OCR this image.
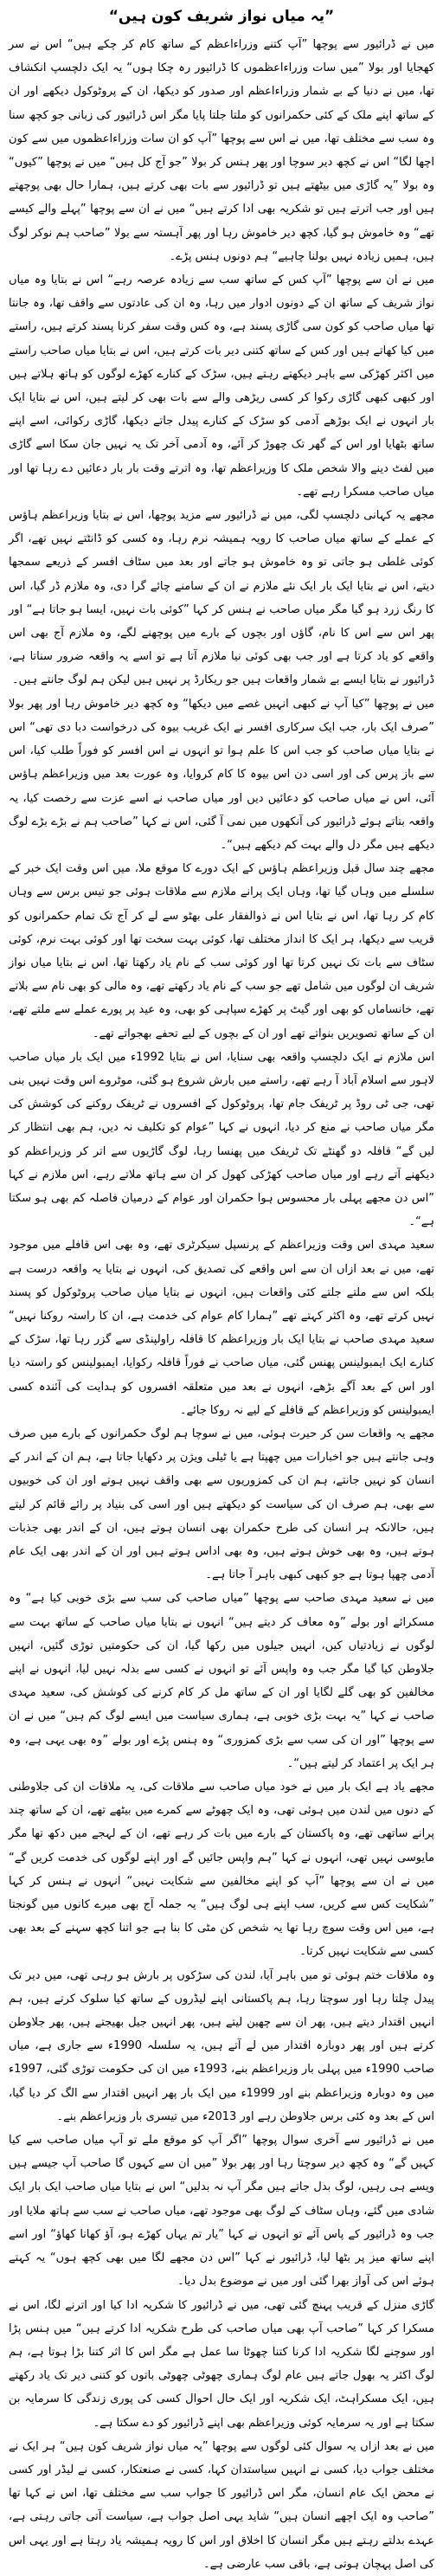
”یہ میاں نواز شریف کون ہیں“

میں نے ڈرائیور سے پوچھا ”آپ کتنے وزراءاعظم کے ساتھ کام کر چکے ہیں“ اس نے سر کھجایا اور بولا ”میں سات وزراءاعظموں کا ڈرائیور رہ چکا ہوں“ یہ ایک دلچسپ انکشاف تھا، میں نے دنیا کے بے شمار وزراءاعظم اور صدور کو دیکھا، ان کے پروٹوکول دیکھے اور ان کے ساتھ اپنے ملک کے کئی حکمرانوں کو ملتا جلتا پایا مگر اس ڈرائیور کی زبانی جو کچھ سنا وہ سب سے مختلف تھا، میں نے اس سے پوچھا ”آپ کو ان سات وزراءاعظموں میں سے کون اچھا لگا“ اس نے کچھ دیر سوچا اور پھر ہنس کر بولا ”جو آج کل ہیں“ میں نے پوچھا ”کیوں“ وہ بولا ”یہ گاڑی میں بیٹھتے ہیں تو ڈرائیور سے بات بھی کرتے ہیں، ہمارا حال بھی پوچھتے ہیں اور جب اترتے ہیں تو شکریہ بھی ادا کرتے ہیں“ میں نے ان سے پوچھا ”پہلے والے کیسے تھے“ وہ خاموش ہو گیا، کچھ دیر خاموش رہا اور پھر آہستہ سے بولا ”صاحب ہم نوکر لوگ ہیں، ہمیں زیادہ نہیں بولنا چاہیے“ ہم دونوں ہنس پڑے۔

میں نے ان سے پوچھا ”آپ کس کے ساتھ سب سے زیادہ عرصہ رہے“ اس نے بتایا وہ میاں نواز شریف کے ساتھ ان کے دونوں ادوار میں رہا، وہ ان کی عادتوں سے واقف تھا، وہ جانتا تھا میاں صاحب کو کون سی گاڑی پسند ہے، وہ کس وقت سفر کرنا پسند کرتے ہیں، راستے میں کیا کھاتے ہیں اور کس کے ساتھ کتنی دیر بات کرتے ہیں، اس نے بتایا میاں صاحب راستے میں اکثر کھڑکی سے باہر دیکھتے رہتے ہیں، سڑک کے کنارے کھڑے لوگوں کو ہاتھ ہلاتے ہیں اور کبھی کبھی گاڑی رکوا کر کسی ریڑھی والے سے بات بھی کر لیتے ہیں، اس نے بتایا ایک بار انہوں نے ایک بوڑھے آدمی کو سڑک کے کنارے پیدل جاتے دیکھا، گاڑی رکوائی، اسے اپنے ساتھ بٹھایا اور اس کے گھر تک چھوڑ کر آئے، وہ آدمی آخر تک یہ نہیں جان سکا اسے گاڑی میں لفٹ دینے والا شخص ملک کا وزیراعظم تھا، وہ اترتے وقت بار بار دعائیں دے رہا تھا اور میاں صاحب مسکرا رہے تھے۔

مجھے یہ کہانی دلچسپ لگی، میں نے ڈرائیور سے مزید پوچھا، اس نے بتایا وزیراعظم ہاؤس کے عملے کے ساتھ میاں صاحب کا رویہ ہمیشہ نرم رہا، وہ کسی کو ڈانٹتے نہیں تھے، اگر کوئی غلطی ہو جاتی تو وہ خاموش ہو جاتے اور بعد میں سٹاف افسر کے ذریعے سمجھا دیتے، اس نے بتایا ایک بار ایک نئے ملازم نے ان کے سامنے چائے گرا دی، وہ ملازم ڈر گیا، اس کا رنگ زرد ہو گیا مگر میاں صاحب نے ہنس کر کہا ”کوئی بات نہیں، ایسا ہو جاتا ہے“ اور پھر اس سے اس کا نام، گاؤں اور بچوں کے بارے میں پوچھنے لگے، وہ ملازم آج بھی اس واقعے کو یاد کرتا ہے اور جب بھی کوئی نیا ملازم آتا ہے تو اسے یہ واقعہ ضرور سناتا ہے، ڈرائیور نے بتایا ایسے بے شمار واقعات ہیں جو ریکارڈ پر نہیں ہیں لیکن ہم لوگ جانتے ہیں۔

میں نے پوچھا ”کیا آپ نے کبھی انہیں غصے میں دیکھا“ وہ کچھ دیر خاموش رہا اور پھر بولا ”صرف ایک بار، جب ایک سرکاری افسر نے ایک غریب بیوہ کی درخواست دبا دی تھی“ اس نے بتایا میاں صاحب کو جب اس کا علم ہوا تو انہوں نے اس افسر کو فوراً طلب کیا، اس سے باز پرس کی اور اسی دن اس بیوہ کا کام کروایا، وہ عورت بعد میں وزیراعظم ہاؤس آئی، اس نے میاں صاحب کو دعائیں دیں اور میاں صاحب نے اسے عزت سے رخصت کیا، یہ واقعہ بتاتے ہوئے ڈرائیور کی آنکھوں میں نمی آ گئی، اس نے کہا ”صاحب ہم نے بڑے بڑے لوگ دیکھے ہیں مگر دل والے بہت کم دیکھے ہیں“۔

مجھے چند سال قبل وزیراعظم ہاؤس کے ایک دورے کا موقع ملا، میں اس وقت ایک خبر کے سلسلے میں وہاں گیا تھا، وہاں ایک پرانے ملازم سے ملاقات ہوئی جو تیس برس سے وہاں کام کر رہا تھا، اس نے بتایا اس نے ذوالفقار علی بھٹو سے لے کر آج تک تمام حکمرانوں کو قریب سے دیکھا، ہر ایک کا انداز مختلف تھا، کوئی بہت سخت تھا اور کوئی بہت نرم، کوئی سٹاف سے بات تک نہیں کرتا تھا اور کوئی سب کے نام یاد رکھتا تھا، اس نے بتایا میاں نواز شریف ان لوگوں میں شامل تھے جو سب کے نام یاد رکھتے تھے، وہ مالی کو بھی نام سے بلاتے تھے، خانساماں کو بھی اور گیٹ پر کھڑے سپاہی کو بھی، وہ عید پر پورے عملے سے ملتے تھے، ان کے ساتھ تصویریں بنواتے تھے اور ان کے بچوں کے لیے تحفے بھجواتے تھے۔

اس ملازم نے ایک دلچسپ واقعہ بھی سنایا، اس نے بتایا 1992ء میں ایک بار میاں صاحب لاہور سے اسلام آباد آ رہے تھے، راستے میں بارش شروع ہو گئی، موٹروے اس وقت نہیں بنی تھی، جی ٹی روڈ پر ٹریفک جام تھا، پروٹوکول کے افسروں نے ٹریفک روکنے کی کوشش کی مگر میاں صاحب نے منع کر دیا، انہوں نے کہا ”عوام کو تکلیف نہ دیں، ہم بھی انتظار کر لیں گے“ قافلہ دو گھنٹے تک ٹریفک میں پھنسا رہا، لوگ گاڑیوں سے اتر کر وزیراعظم کو دیکھنے آتے رہے اور میاں صاحب کھڑکی کھول کر ان سے ہاتھ ملاتے رہے، اس ملازم نے کہا ”اس دن مجھے پہلی بار محسوس ہوا حکمران اور عوام کے درمیان فاصلہ کم بھی ہو سکتا ہے“۔

سعید مہدی اس وقت وزیراعظم کے پرنسپل سیکرٹری تھے، وہ بھی اس قافلے میں موجود تھے، میں نے بعد ازاں ان سے اس واقعے کی تصدیق کی، انہوں نے بتایا یہ واقعہ درست ہے بلکہ اس سے ملتے جلتے کئی واقعات ہیں، انہوں نے بتایا میاں صاحب پروٹوکول کو پسند نہیں کرتے تھے، وہ اکثر کہتے تھے ”ہمارا کام عوام کی خدمت ہے، ان کا راستہ روکنا نہیں“ سعید مہدی صاحب نے بتایا ایک بار وزیراعظم کا قافلہ راولپنڈی سے گزر رہا تھا، سڑک کے کنارے ایک ایمبولینس پھنس گئی، میاں صاحب نے فوراً قافلہ رکوایا، ایمبولینس کو راستہ دیا اور اس کے بعد آگے بڑھے، انہوں نے بعد میں متعلقہ افسروں کو ہدایت کی آئندہ کسی ایمبولینس کو وزیراعظم کے قافلے کے لیے نہ روکا جائے۔

مجھے یہ واقعات سن کر حیرت ہوئی، میں نے سوچا ہم لوگ حکمرانوں کے بارے میں صرف وہی جانتے ہیں جو اخبارات میں چھپتا ہے یا ٹیلی ویژن پر دکھایا جاتا ہے، ہم ان کے اندر کے انسان کو نہیں جانتے، ہم ان کی کمزوریوں سے بھی واقف نہیں ہوتے اور ان کی خوبیوں سے بھی، ہم صرف ان کی سیاست کو دیکھتے ہیں اور اسی کی بنیاد پر رائے قائم کر لیتے ہیں، حالانکہ ہر انسان کی طرح حکمران بھی انسان ہوتے ہیں، ان کے اندر بھی جذبات ہوتے ہیں، وہ بھی خوش ہوتے ہیں، وہ بھی اداس ہوتے ہیں اور ان کے اندر بھی ایک عام آدمی چھپا ہوتا ہے جو کبھی کبھی باہر آ جاتا ہے۔

میں نے سعید مہدی صاحب سے پوچھا ”میاں صاحب کی سب سے بڑی خوبی کیا ہے“ وہ مسکرائے اور بولے ”وہ معاف کر دیتے ہیں“ انہوں نے بتایا میاں صاحب کے ساتھ بہت سے لوگوں نے زیادتیاں کیں، انہیں جیلوں میں رکھا گیا، ان کی حکومتیں توڑی گئیں، انہیں جلاوطن کیا گیا مگر جب وہ واپس آئے تو انہوں نے کسی سے بدلہ نہیں لیا، انہوں نے اپنے مخالفین کو بھی گلے لگایا اور ان کے ساتھ مل کر کام کرنے کی کوشش کی، سعید مہدی صاحب نے کہا ”یہ بہت بڑی خوبی ہے، ہماری سیاست میں ایسے لوگ کم ہیں“ میں نے ان سے پوچھا ”اور ان کی سب سے بڑی کمزوری“ وہ ہنس پڑے اور بولے ”وہ بھی یہی ہے، وہ ہر ایک پر اعتماد کر لیتے ہیں“۔

مجھے یاد ہے ایک بار میں نے خود میاں صاحب سے ملاقات کی، یہ ملاقات ان کی جلاوطنی کے دنوں میں لندن میں ہوئی تھی، وہ ایک چھوٹے سے کمرے میں بیٹھے تھے، ان کے ساتھ چند پرانے ساتھی تھے، وہ پاکستان کے بارے میں بات کر رہے تھے، ان کے لہجے میں دکھ تھا مگر مایوسی نہیں تھی، انہوں نے کہا ”ہم واپس جائیں گے اور اپنے لوگوں کی خدمت کریں گے“ میں نے ان سے پوچھا ”آپ کو اپنے مخالفین سے شکایت نہیں“ انہوں نے ہنس کر کہا ”شکایت کس سے کریں، سب اپنے ہی لوگ ہیں“ یہ جملہ آج بھی میرے کانوں میں گونجتا ہے، میں اس وقت سوچ رہا تھا یہ شخص کن مٹی کا بنا ہے جو اتنا کچھ سہنے کے بعد بھی کسی سے شکایت نہیں کرتا۔

وہ ملاقات ختم ہوئی تو میں باہر آیا، لندن کی سڑکوں پر بارش ہو رہی تھی، میں دیر تک پیدل چلتا رہا اور سوچتا رہا، ہم پاکستانی اپنے لیڈروں کے ساتھ کیا سلوک کرتے ہیں، ہم انہیں اقتدار دیتے ہیں، پھر ان سے چھین لیتے ہیں، پھر انہیں جیل بھیجتے ہیں، پھر جلاوطن کرتے ہیں اور پھر دوبارہ اقتدار میں لے آتے ہیں، یہ سلسلہ 1990ء سے جاری ہے، میاں صاحب 1990ء میں پہلی بار وزیراعظم بنے، 1993ء میں ان کی حکومت توڑی گئی، 1997ء میں وہ دوبارہ وزیراعظم بنے اور 1999ء میں ایک بار پھر انہیں اقتدار سے الگ کر دیا گیا، اس کے بعد وہ کئی برس جلاوطن رہے اور 2013ء میں تیسری بار وزیراعظم بنے۔

میں نے ڈرائیور سے آخری سوال پوچھا ”اگر آپ کو موقع ملے تو آپ میاں صاحب سے کیا کہیں گے“ وہ کچھ دیر سوچتا رہا اور پھر بولا ”میں ان سے کہوں گا صاحب آپ جیسے ہیں ویسے ہی رہیں، لوگ بدل جاتے ہیں مگر آپ نہ بدلیں“ اس نے بتایا میاں صاحب ایک بار ایک شادی میں گئے، وہاں سٹاف کے لوگ بھی موجود تھے، میاں صاحب نے سب سے ہاتھ ملایا اور جب وہ ڈرائیور کے پاس آئے تو انہوں نے کہا ”یار تم یہاں کھڑے ہو، آؤ کھانا کھاؤ“ اور اسے اپنے ساتھ میز پر بٹھا لیا، ڈرائیور نے کہا ”اس دن مجھے لگا میں بھی کچھ ہوں“ یہ کہتے ہوئے اس کی آواز بھرا گئی اور میں نے موضوع بدل دیا۔

گاڑی منزل کے قریب پہنچ گئی تھی، میں نے ڈرائیور کا شکریہ ادا کیا اور اترنے لگا، اس نے مسکرا کر کہا ”صاحب آپ بھی میاں صاحب کی طرح شکریہ ادا کرتے ہیں“ میں ہنس پڑا اور سوچنے لگا شکریہ ادا کرنا کتنا چھوٹا سا عمل ہے مگر اس کا اثر کتنا بڑا ہوتا ہے، ہم لوگ اکثر یہ بھول جاتے ہیں عام لوگ ہماری چھوٹی چھوٹی باتوں کو کتنی دیر تک یاد رکھتے ہیں، ایک مسکراہٹ، ایک شکریہ اور ایک حال احوال کسی کی پوری زندگی کا سرمایہ بن سکتا ہے اور یہ سرمایہ کوئی وزیراعظم بھی اپنے ڈرائیور کو دے سکتا ہے۔

میں نے بعد ازاں یہ سوال کئی لوگوں سے پوچھا ”یہ میاں نواز شریف کون ہیں“ ہر ایک نے مختلف جواب دیا، کسی نے انہیں سیاستدان کہا، کسی نے صنعتکار، کسی نے لیڈر اور کسی نے محض ایک عام انسان، مگر اس ڈرائیور کا جواب سب سے مختلف تھا، اس نے کہا تھا ”صاحب وہ ایک اچھے انسان ہیں“ شاید یہی اصل جواب ہے، سیاست آتی جاتی رہتی ہے، عہدے بدلتے رہتے ہیں مگر انسان کا اخلاق اور اس کا رویہ ہمیشہ یاد رہتا ہے اور یہی اس کی اصل پہچان ہوتی ہے، باقی سب عارضی ہے۔
